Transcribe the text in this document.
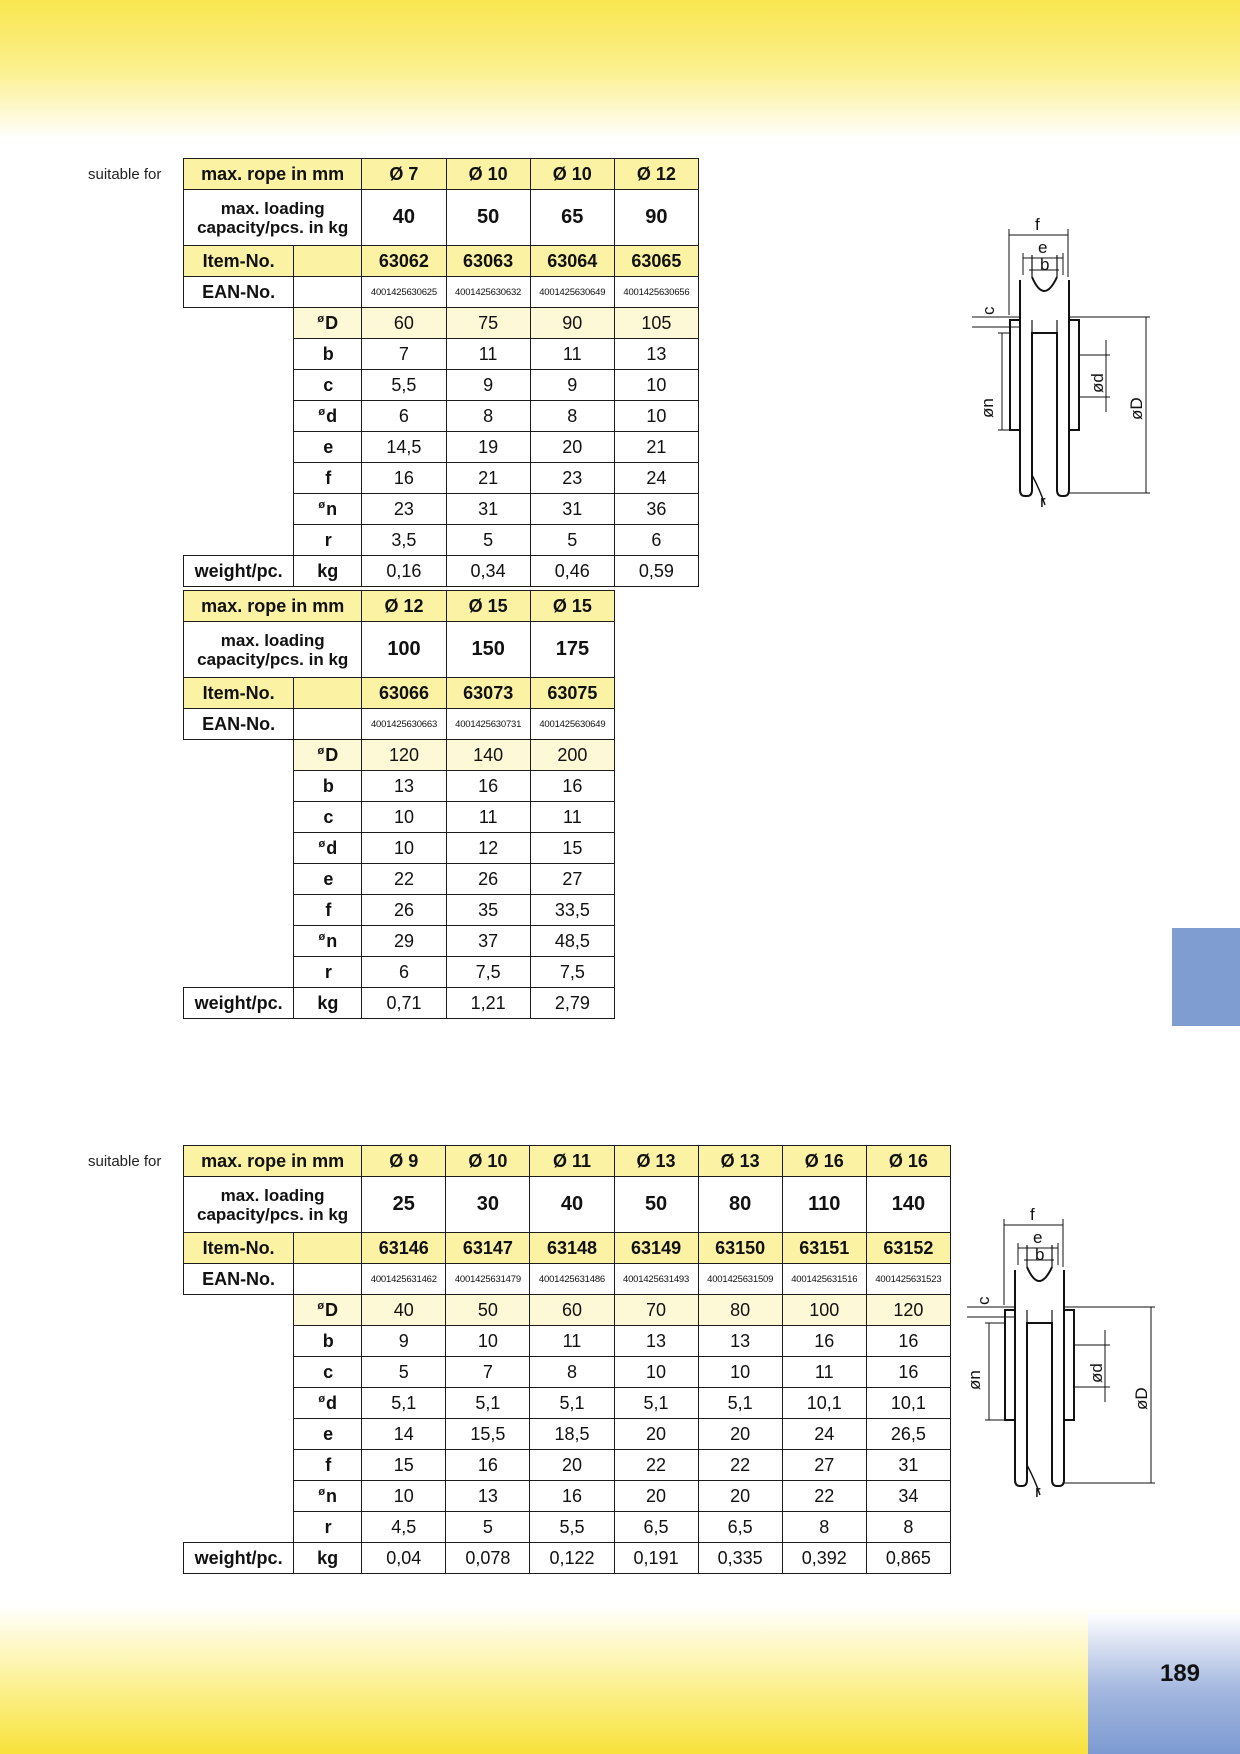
189
suitable for
suitable for
max. rope in mm		Ø 7	Ø 10	Ø 10	Ø 12
max. loading
capacity/pcs. in kg		40	50	65	90
Item-No.		63062	63063	63064	63065
EAN-No.		4001425630625	4001425630632	4001425630649	4001425630656
	$^ø$D	60	75	90	105
	b	7	11	11	13
	c	5,5	9	9	10
	$^ø$d	6	8	8	10
	e	14,5	19	20	21
	f	16	21	23	24
	$^ø$n	23	31	31	36
	r	3,5	5	5	6
weight/pc.	kg	0,16	0,34	0,46	0,59
max. rope in mm		Ø 12	Ø 15	Ø 15
max. loading
capacity/pcs. in kg		100	150	175
Item-No.		63066	63073	63075
EAN-No.		4001425630663	4001425630731	4001425630649
	$^ø$D	120	140	200
	b	13	16	16
	c	10	11	11
	$^ø$d	10	12	15
	e	22	26	27
	f	26	35	33,5
	$^ø$n	29	37	48,5
	r	6	7,5	7,5
weight/pc.	kg	0,71	1,21	2,79
max. rope in mm		Ø 9	Ø 10	Ø 11	Ø 13	Ø 13	Ø 16	Ø 16
max. loading
capacity/pcs. in kg		25	30	40	50	80	110	140
Item-No.		63146	63147	63148	63149	63150	63151	63152
EAN-No.		4001425631462	4001425631479	4001425631486	4001425631493	4001425631509	4001425631516	4001425631523
	$^ø$D	40	50	60	70	80	100	120
	b	9	10	11	13	13	16	16
	c	5	7	8	10	10	11	16
	$^ø$d	5,1	5,1	5,1	5,1	5,1	10,1	10,1
	e	14	15,5	18,5	20	20	24	26,5
	f	15	16	20	22	22	27	31
	$^ø$n	10	13	16	20	20	22	34
	r	4,5	5	5,5	6,5	6,5	8	8
weight/pc.	kg	0,04	0,078	0,122	0,191	0,335	0,392	0,865
f
e
b
c
øn
ød
øD
r
f
e
b
c
øn	ød
øD
r
